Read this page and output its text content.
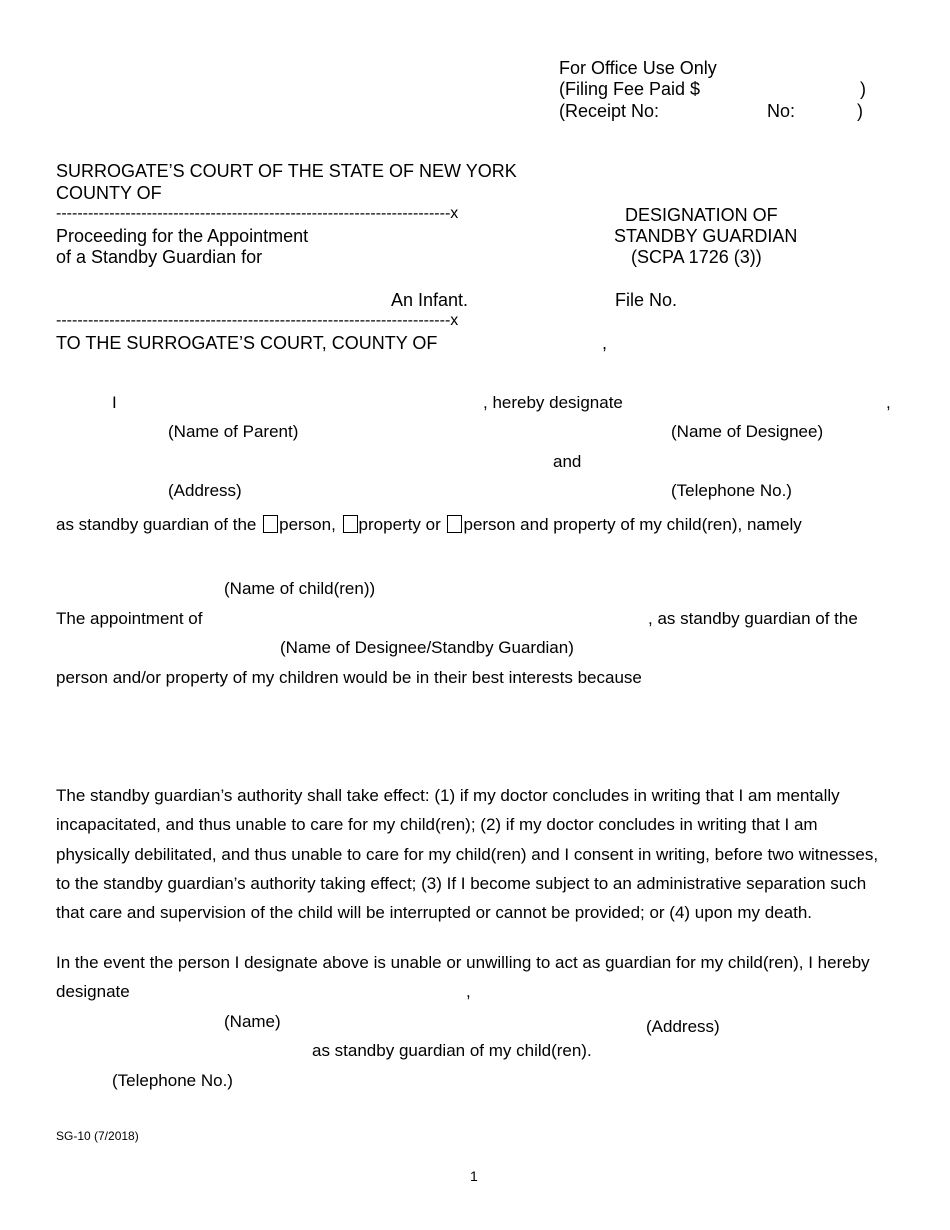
For Office Use Only
(Filing Fee Paid $	)
(Receipt No:	No:	)
SURROGATE’S COURT OF THE STATE OF NEW YORK
COUNTY OF
--------------------------------------------------------------------------x
Proceeding for the Appointment
of a Standby Guardian for
DESIGNATION OF
STANDBY GUARDIAN
(SCPA 1726 (3))
An Infant.	File No.
--------------------------------------------------------------------------x
TO THE SURROGATE’S COURT, COUNTY OF	,
I	, hereby designate	,
(Name of Parent)	(Name of Designee)
and
(Address)	(Telephone No.)
as standby guardian of the person, property or person and property of my child(ren), namely
(Name of child(ren))
The appointment of	, as standby guardian of the
(Name of Designee/Standby Guardian)
person and/or property of my children would be in their best interests because
The standby guardian’s authority shall take effect: (1) if my doctor concludes in writing that I am mentally
incapacitated, and thus unable to care for my child(ren); (2) if my doctor concludes in writing that I am
physically debilitated, and thus unable to care for my child(ren) and I consent in writing, before two witnesses,
to the standby guardian’s authority taking effect; (3) If I become subject to an administrative separation such
that care and supervision of the child will be interrupted or cannot be provided; or (4) upon my death.
In the event the person I designate above is unable or unwilling to act as guardian for my child(ren), I hereby
designate	,
(Name)	(Address)
as standby guardian of my child(ren).
(Telephone No.)
SG-10 (7/2018)
1
